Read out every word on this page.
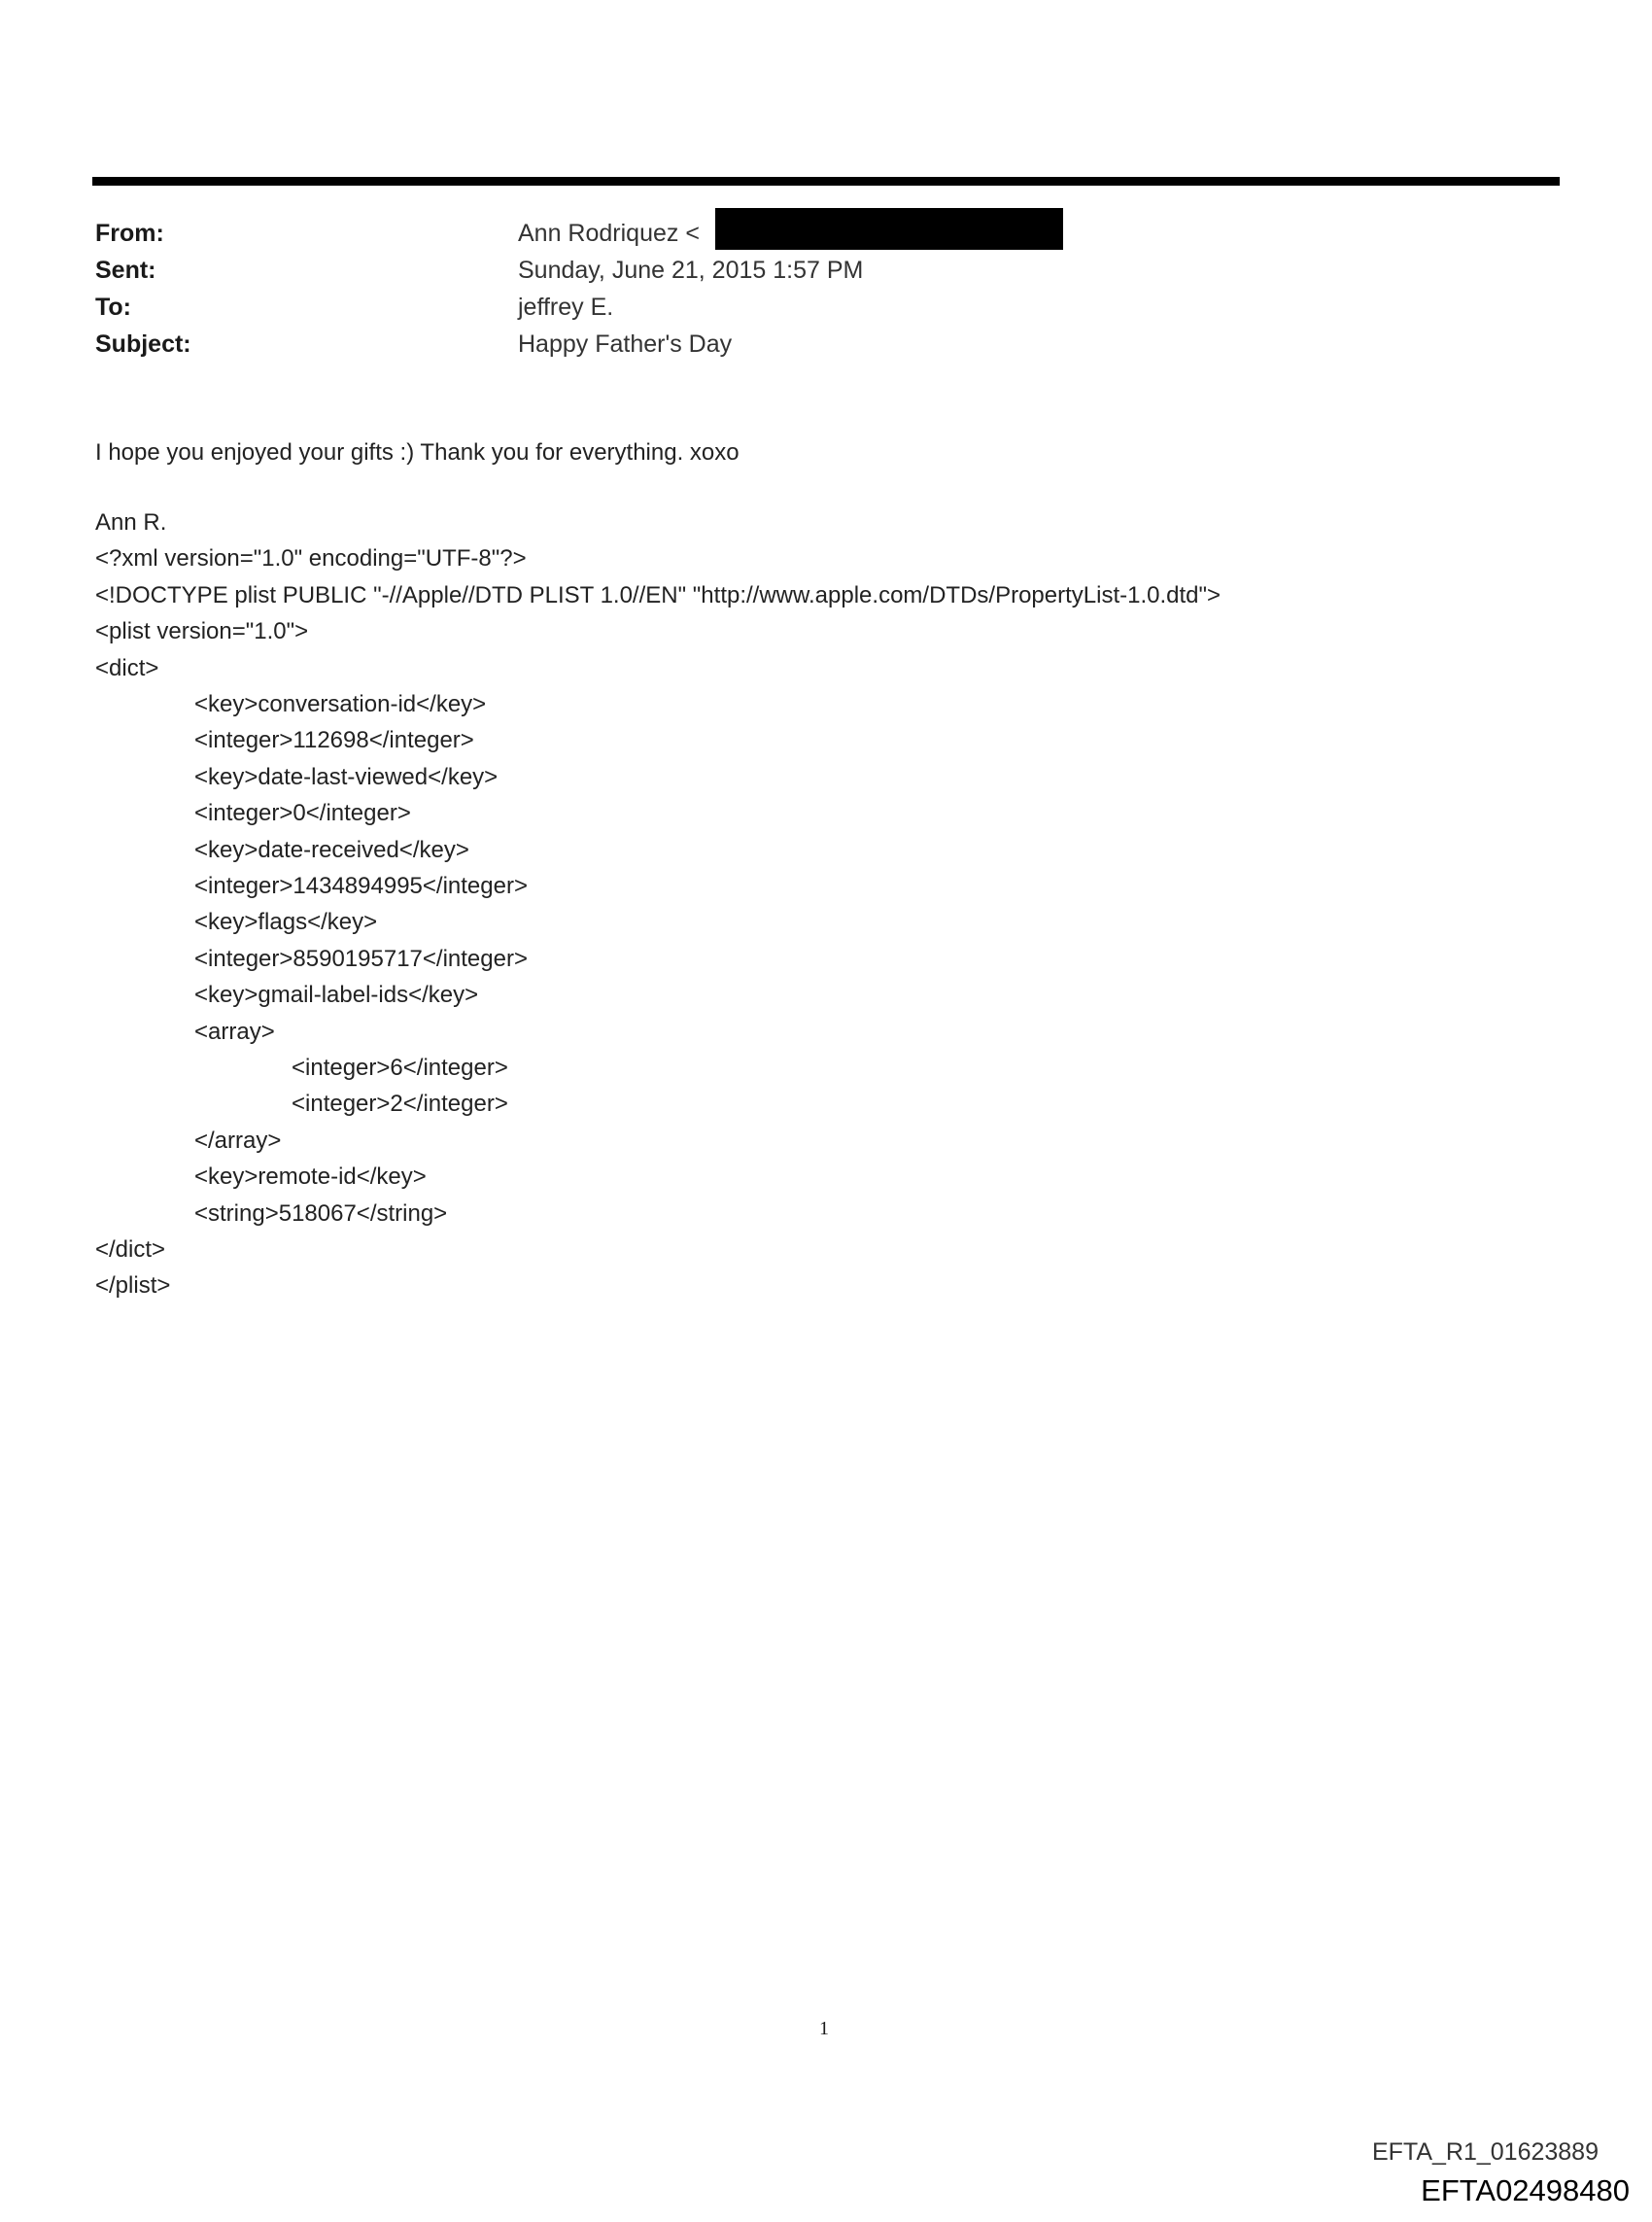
From:	Ann Rodriquez <
Sent:	Sunday, June 21, 2015 1:57 PM
To:	jeffrey E.
Subject:	Happy Father's Day
I hope you enjoyed your gifts :) Thank you for everything. xoxo
Ann R.
<?xml version="1.0" encoding="UTF-8"?>
<!DOCTYPE plist PUBLIC "-//Apple//DTD PLIST 1.0//EN" "http://www.apple.com/DTDs/PropertyList-1.0.dtd">
<plist version="1.0">
<dict>
<key>conversation-id</key>
<integer>112698</integer>
<key>date-last-viewed</key>
<integer>0</integer>
<key>date-received</key>
<integer>1434894995</integer>
<key>flags</key>
<integer>8590195717</integer>
<key>gmail-label-ids</key>
<array>
<integer>6</integer>
<integer>2</integer>
</array>
<key>remote-id</key>
<string>518067</string>
</dict>
</plist>
1
EFTA_R1_01623889
EFTA02498480
